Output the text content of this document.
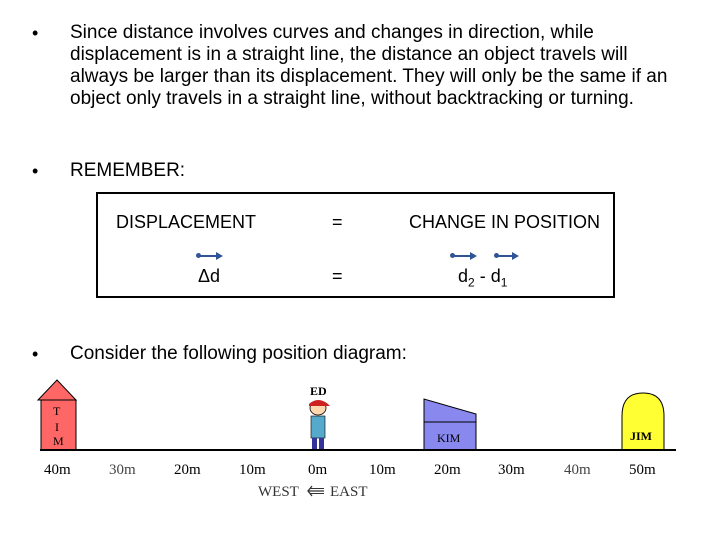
• Since distance involves curves and changes in direction, while displacement is in a straight line, the distance an object travels will always be larger than its displacement. They will only be the same if an object only travels in a straight line, without backtracking or turning.
• REMEMBER:
DISPLACEMENT	=	CHANGE IN POSITION
Δd	=	$d_2 - d_1$
• Consider the following position diagram:
T
I
M
ED
KIM	JIM
40m	30m	20m	10m	0m	10m	20m 30m	40m	50m
WEST EAST
